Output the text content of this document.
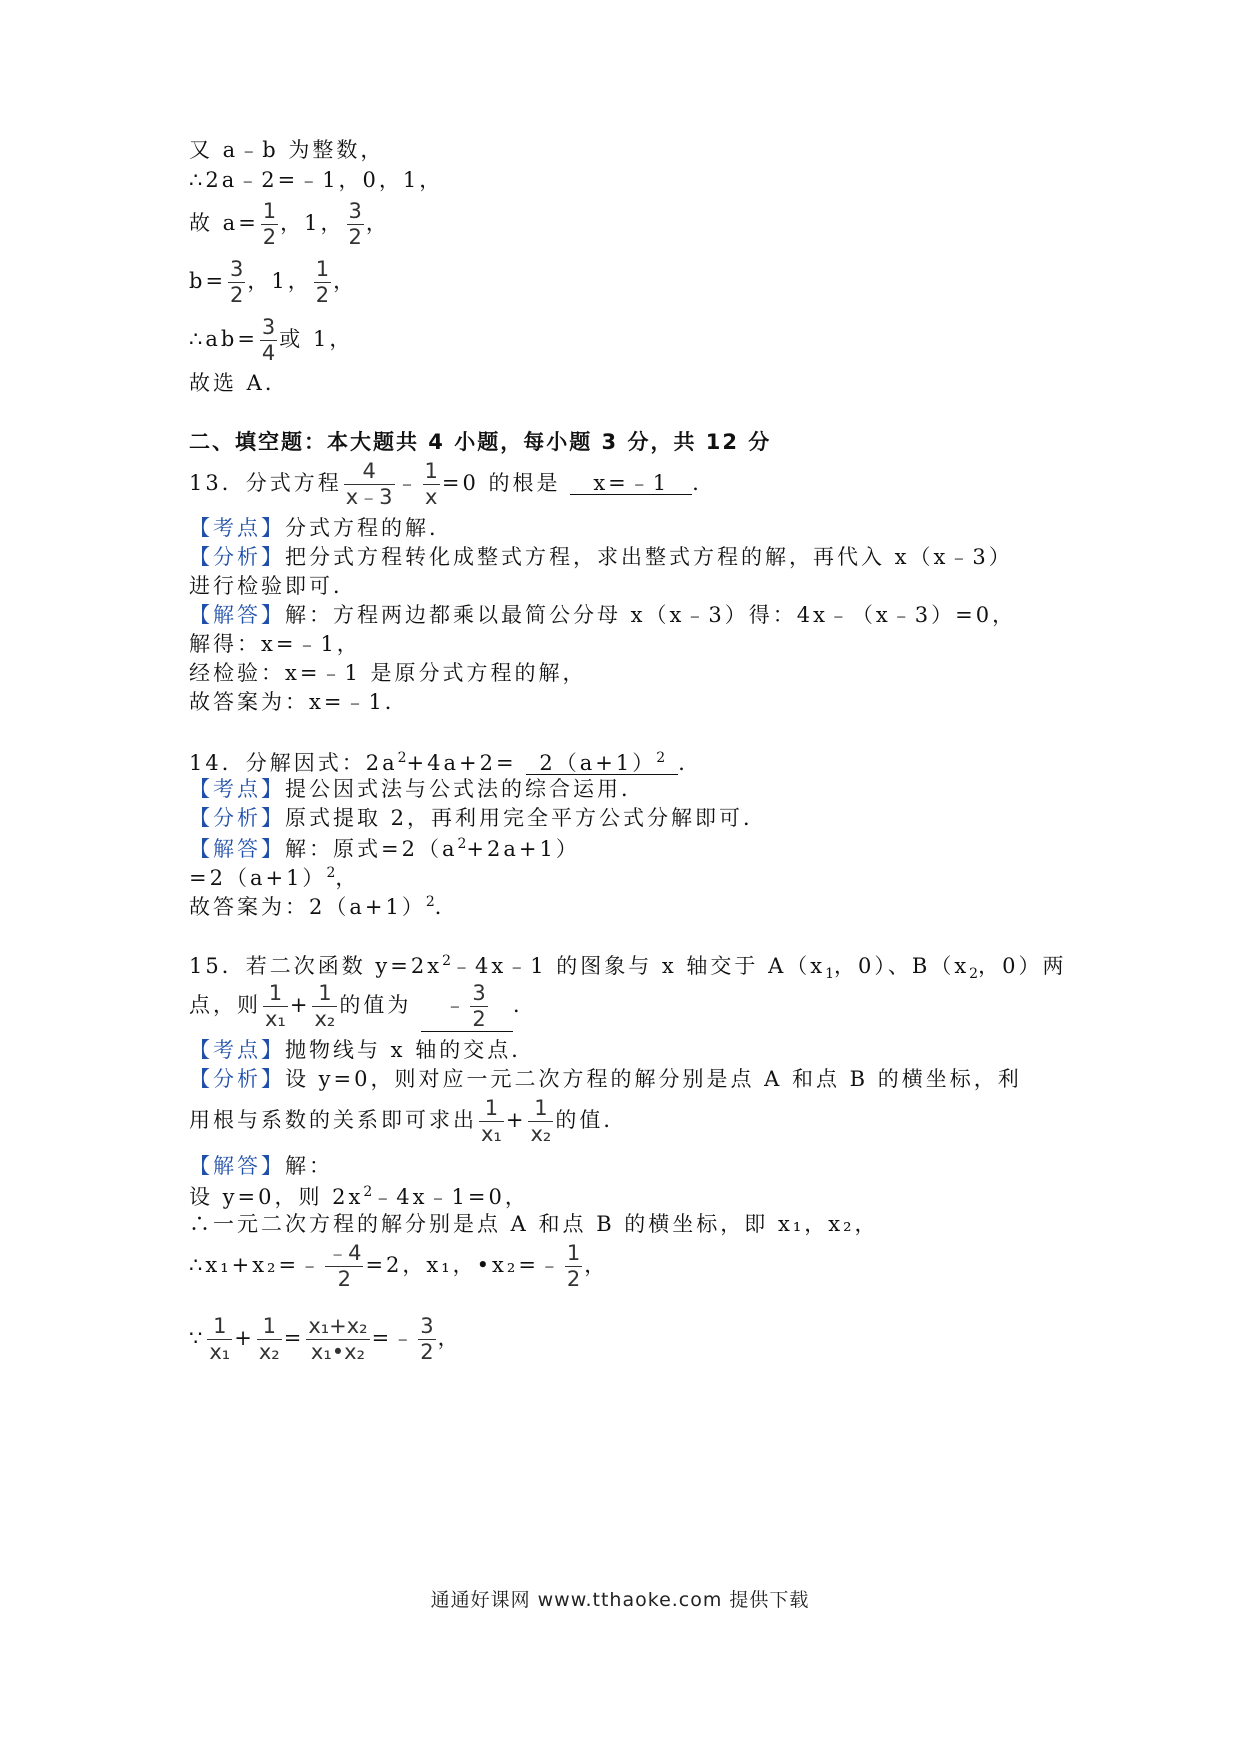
又 a﹣b 为整数，
∴2a﹣2=﹣1，0，1，
故 $a= \frac{1}{2}$ ，1， $\frac{3}{2}$ ，
$b= \frac{3}{2}$ ，1， $\frac{1}{2}$ ，
∴ab= $\frac{3}{4}$ 或 1，
故选 A．
二、填空题：本大题共 4 小题，每小题 3 分，共 12 分
13．分式方程 $\frac{4}{x﹣3}$ ﹣ $\frac{1}{x} =0$ 的根是 x=﹣1 ．
【考点】分式方程的解．
【分析】把分式方程转化成整式方程，求出整式方程的解，再代入 x（x﹣3）
进行检验即可．
【解答】解：方程两边都乘以最简公分母 x（x﹣3）得：4x﹣（x﹣3）=0，
解得：x=﹣1，
经检验：x=﹣1 是原分式方程的解，
故答案为：x=﹣1．
14．分解因式：$2a^2+4a+2= 2(a+1)^2$ ．
【考点】提公因式法与公式法的综合运用．
【分析】原式提取 2，再利用完全平方公式分解即可．
【解答】解：原式$=2(a^2+2a+1)$
$=2(a+1)^2$，
故答案为：$2(a+1)^2$．
15．若二次函数 $y=2x^2﹣4x﹣1$ 的图象与 x 轴交于 $A(x_1$，0）、$B(x_2$，0）两
点，则 $\frac{1}{\text{x₁}} + \frac{1}{\text{x₂}}$ 的值为 ﹣ $\frac{3}{2}$ ．
【考点】抛物线与 x 轴的交点．
【分析】设 y=0，则对应一元二次方程的解分别是点 A 和点 B 的横坐标，利
用根与系数的关系即可求出 $\frac{1}{\text{x₁}} + \frac{1}{\text{x₂}}$ 的值．
【解答】解：
设 y=0，则 $2x^2﹣4x﹣1=0$，
∴一元二次方程的解分别是点 A 和点 B 的横坐标，即 x₁，x₂，
∴x₁+x₂=﹣ $\frac{﹣4}{2} =2$，x₁，•x₂=﹣ $\frac{1}{2}$ ，
∵ $\frac{1}{\text{x₁}} + \frac{1}{\text{x₂}} = \frac{\text{x₁+x₂}}{\text{x₁•x₂}}$ =﹣ $\frac{3}{2}$ ，
通通好课网 www.tthaoke.com 提供下载
